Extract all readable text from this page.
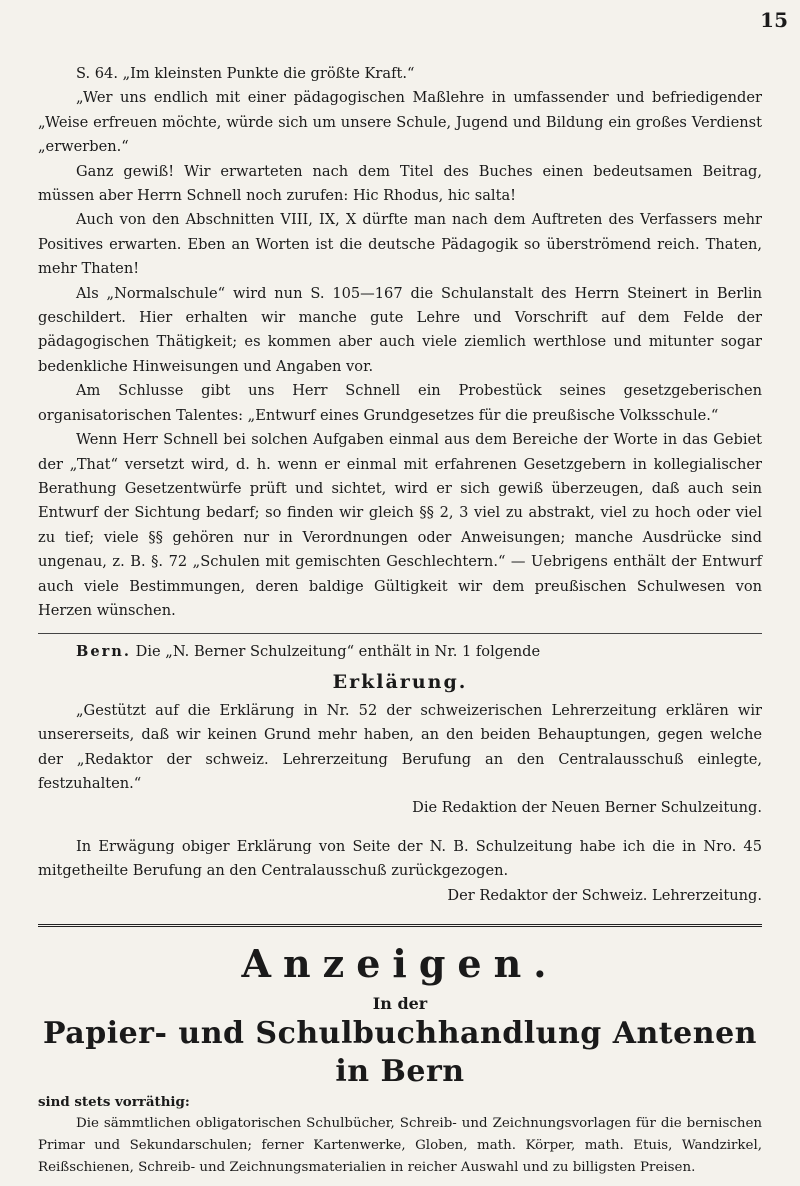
15

S. 64. „Im kleinsten Punkte die größte Kraft.“

„Wer uns endlich mit einer pädagogischen Maßlehre in umfassender und befriedigender „Weise erfreuen möchte, würde sich um unsere Schule, Jugend und Bildung ein großes Verdienst „erwerben.“

Ganz gewiß! Wir erwarteten nach dem Titel des Buches einen bedeutsamen Beitrag, müssen aber Herrn Schnell noch zurufen: Hic Rhodus, hic salta!

Auch von den Abschnitten VIII, IX, X dürfte man nach dem Auftreten des Verfassers mehr Positives erwarten. Eben an Worten ist die deutsche Pädagogik so überströmend reich. Thaten, mehr Thaten!

Als „Normalschule“ wird nun S. 105—167 die Schulanstalt des Herrn Steinert in Berlin geschildert. Hier erhalten wir manche gute Lehre und Vorschrift auf dem Felde der pädagogischen Thätigkeit; es kommen aber auch viele ziemlich werthlose und mitunter sogar bedenkliche Hinweisungen und Angaben vor.

Am Schlusse gibt uns Herr Schnell ein Probestück seines gesetzgeberischen organisatorischen Talentes: „Entwurf eines Grundgesetzes für die preußische Volksschule.“

Wenn Herr Schnell bei solchen Aufgaben einmal aus dem Bereiche der Worte in das Gebiet der „That“ versetzt wird, d. h. wenn er einmal mit erfahrenen Gesetzgebern in kollegialischer Berathung Gesetzentwürfe prüft und sichtet, wird er sich gewiß überzeugen, daß auch sein Entwurf der Sichtung bedarf; so finden wir gleich §§ 2, 3 viel zu abstrakt, viel zu hoch oder viel zu tief; viele §§ gehören nur in Verordnungen oder Anweisungen; manche Ausdrücke sind ungenau, z. B. §. 72 „Schulen mit gemischten Geschlechtern.“ — Uebrigens enthält der Entwurf auch viele Bestimmungen, deren baldige Gültigkeit wir dem preußischen Schulwesen von Herzen wünschen.

Bern. Die „N. Berner Schulzeitung“ enthält in Nr. 1 folgende

Erklärung.

„Gestützt auf die Erklärung in Nr. 52 der schweizerischen Lehrerzeitung erklären wir unsererseits, daß wir keinen Grund mehr haben, an den beiden Behauptungen, gegen welche der „Redaktor der schweiz. Lehrerzeitung Berufung an den Centralausschuß einlegte, festzuhalten.“

Die Redaktion der Neuen Berner Schulzeitung.

In Erwägung obiger Erklärung von Seite der N. B. Schulzeitung habe ich die in Nro. 45 mitgetheilte Berufung an den Centralausschuß zurückgezogen.

Der Redaktor der Schweiz. Lehrerzeitung.

Anzeigen.
In der
Papier- und Schulbuchhandlung Antenen in Bern

sind stets vorräthig:

Die sämmtlichen obligatorischen Schulbücher, Schreib- und Zeichnungsvorlagen für die bernischen Primar und Sekundarschulen; ferner Kartenwerke, Globen, math. Körper, math. Etuis, Wandzirkel, Reißschienen, Schreib- und Zeichnungsmaterialien in reicher Auswahl und zu billigsten Preisen.
